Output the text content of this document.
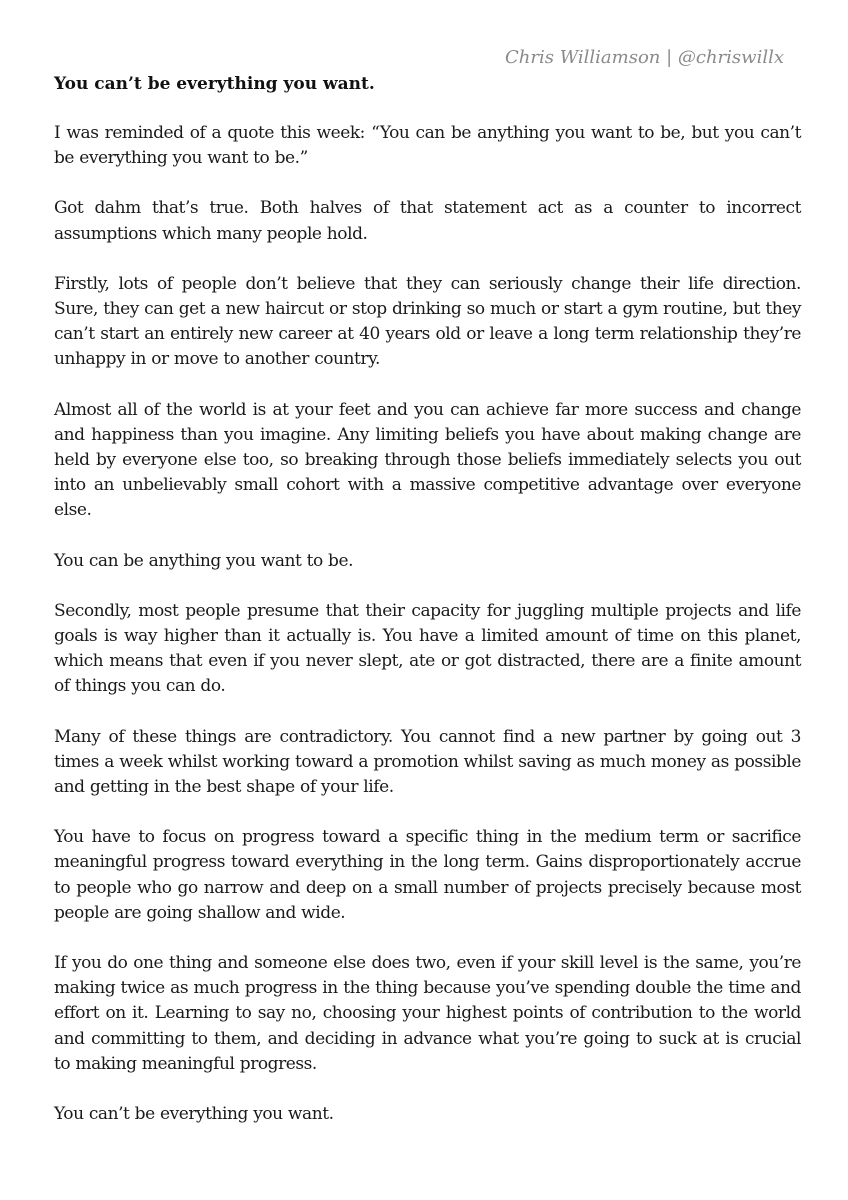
Chris Williamson | @chriswillx

You can’t be everything you want.

I was reminded of a quote this week: “You can be anything you want to be, but you can’t be everything you want to be.”

Got dahm that’s true. Both halves of that statement act as a counter to incorrect assumptions which many people hold.

Firstly, lots of people don’t believe that they can seriously change their life direction. Sure, they can get a new haircut or stop drinking so much or start a gym routine, but they can’t start an entirely new career at 40 years old or leave a long term relationship they’re unhappy in or move to another country.

Almost all of the world is at your feet and you can achieve far more success and change and happiness than you imagine. Any limiting beliefs you have about making change are held by everyone else too, so breaking through those beliefs immediately selects you out into an unbelievably small cohort with a massive competitive advantage over everyone else.

You can be anything you want to be.

Secondly, most people presume that their capacity for juggling multiple projects and life goals is way higher than it actually is. You have a limited amount of time on this planet, which means that even if you never slept, ate or got distracted, there are a finite amount of things you can do.

Many of these things are contradictory. You cannot find a new partner by going out 3 times a week whilst working toward a promotion whilst saving as much money as possible and getting in the best shape of your life.

You have to focus on progress toward a specific thing in the medium term or sacrifice meaningful progress toward everything in the long term. Gains disproportionately accrue to people who go narrow and deep on a small number of projects precisely because most people are going shallow and wide.

If you do one thing and someone else does two, even if your skill level is the same, you’re making twice as much progress in the thing because you’ve spending double the time and effort on it. Learning to say no, choosing your highest points of contribution to the world and committing to them, and deciding in advance what you’re going to suck at is crucial to making meaningful progress.

You can’t be everything you want.
